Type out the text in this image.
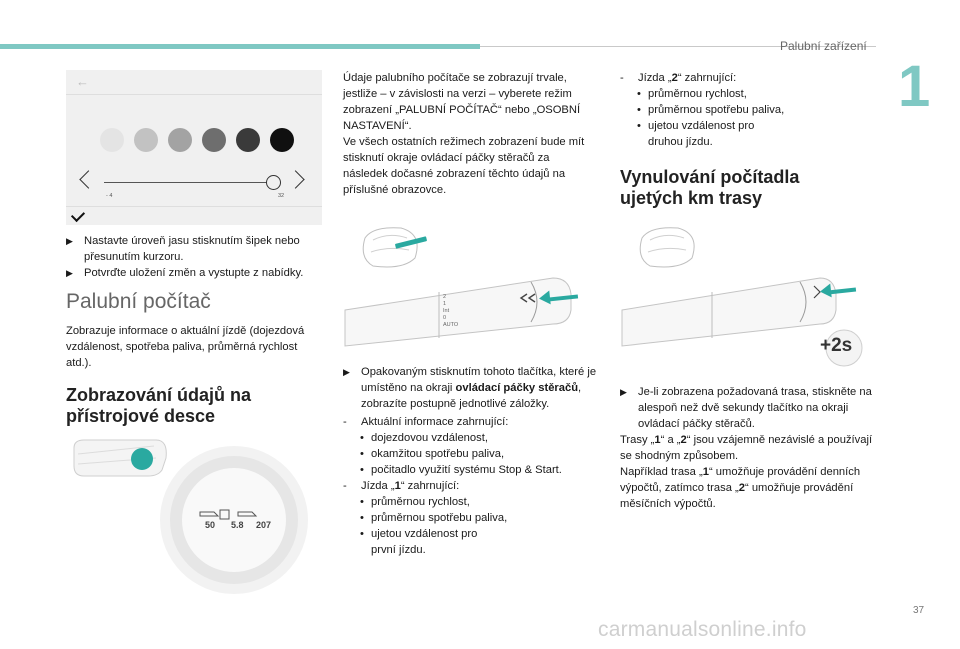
Palubní zařízení
1
←
- 4	32
▶ Nastavte úroveň jasu stisknutím šipek nebo přesunutím kurzoru.
▶ Potvrďte uložení změn a vystupte z nabídky.
Palubní počítač
Zobrazuje informace o aktuální jízdě (dojezdová vzdálenost, spotřeba paliva, průměrná rychlost atd.).
Zobrazování údajů na přístrojové desce
50 5.8 207
Údaje palubního počítače se zobrazují trvale, jestliže – v závislosti na verzi – vyberete režim zobrazení „PALUBNÍ POČÍTAČ“ nebo „OSOBNÍ NASTAVENÍ“.
Ve všech ostatních režimech zobrazení bude mít stisknutí okraje ovládací páčky stěračů za následek dočasné zobrazení těchto údajů na příslušné obrazovce.
2
1
Int
0
AUTO
▶ Opakovaným stisknutím tohoto tlačítka, které je umístěno na okraji ovládací páčky stěračů, zobrazíte postupně jednotlivé záložky.
- Aktuální informace zahrnující:
• dojezdovou vzdálenost,
• okamžitou spotřebu paliva,
• počitadlo využití systému Stop & Start.
- Jízda „1“ zahrnující:
• průměrnou rychlost,
• průměrnou spotřebu paliva,
• ujetou vzdálenost pro první jízdu.
- Jízda „2“ zahrnující:
• průměrnou rychlost,
• průměrnou spotřebu paliva,
• ujetou vzdálenost pro druhou jízdu.
Vynulování počítadla ujetých km trasy
+2s
▶ Je-li zobrazena požadovaná trasa, stiskněte na alespoň než dvě sekundy tlačítko na okraji ovládací páčky stěračů.
Trasy „1“ a „2“ jsou vzájemně nezávislé a používají se shodným způsobem.
Například trasa „1“ umožňuje provádění denních výpočtů, zatímco trasa „2“ umožňuje provádění měsíčních výpočtů.
37
carmanualsonline.info
